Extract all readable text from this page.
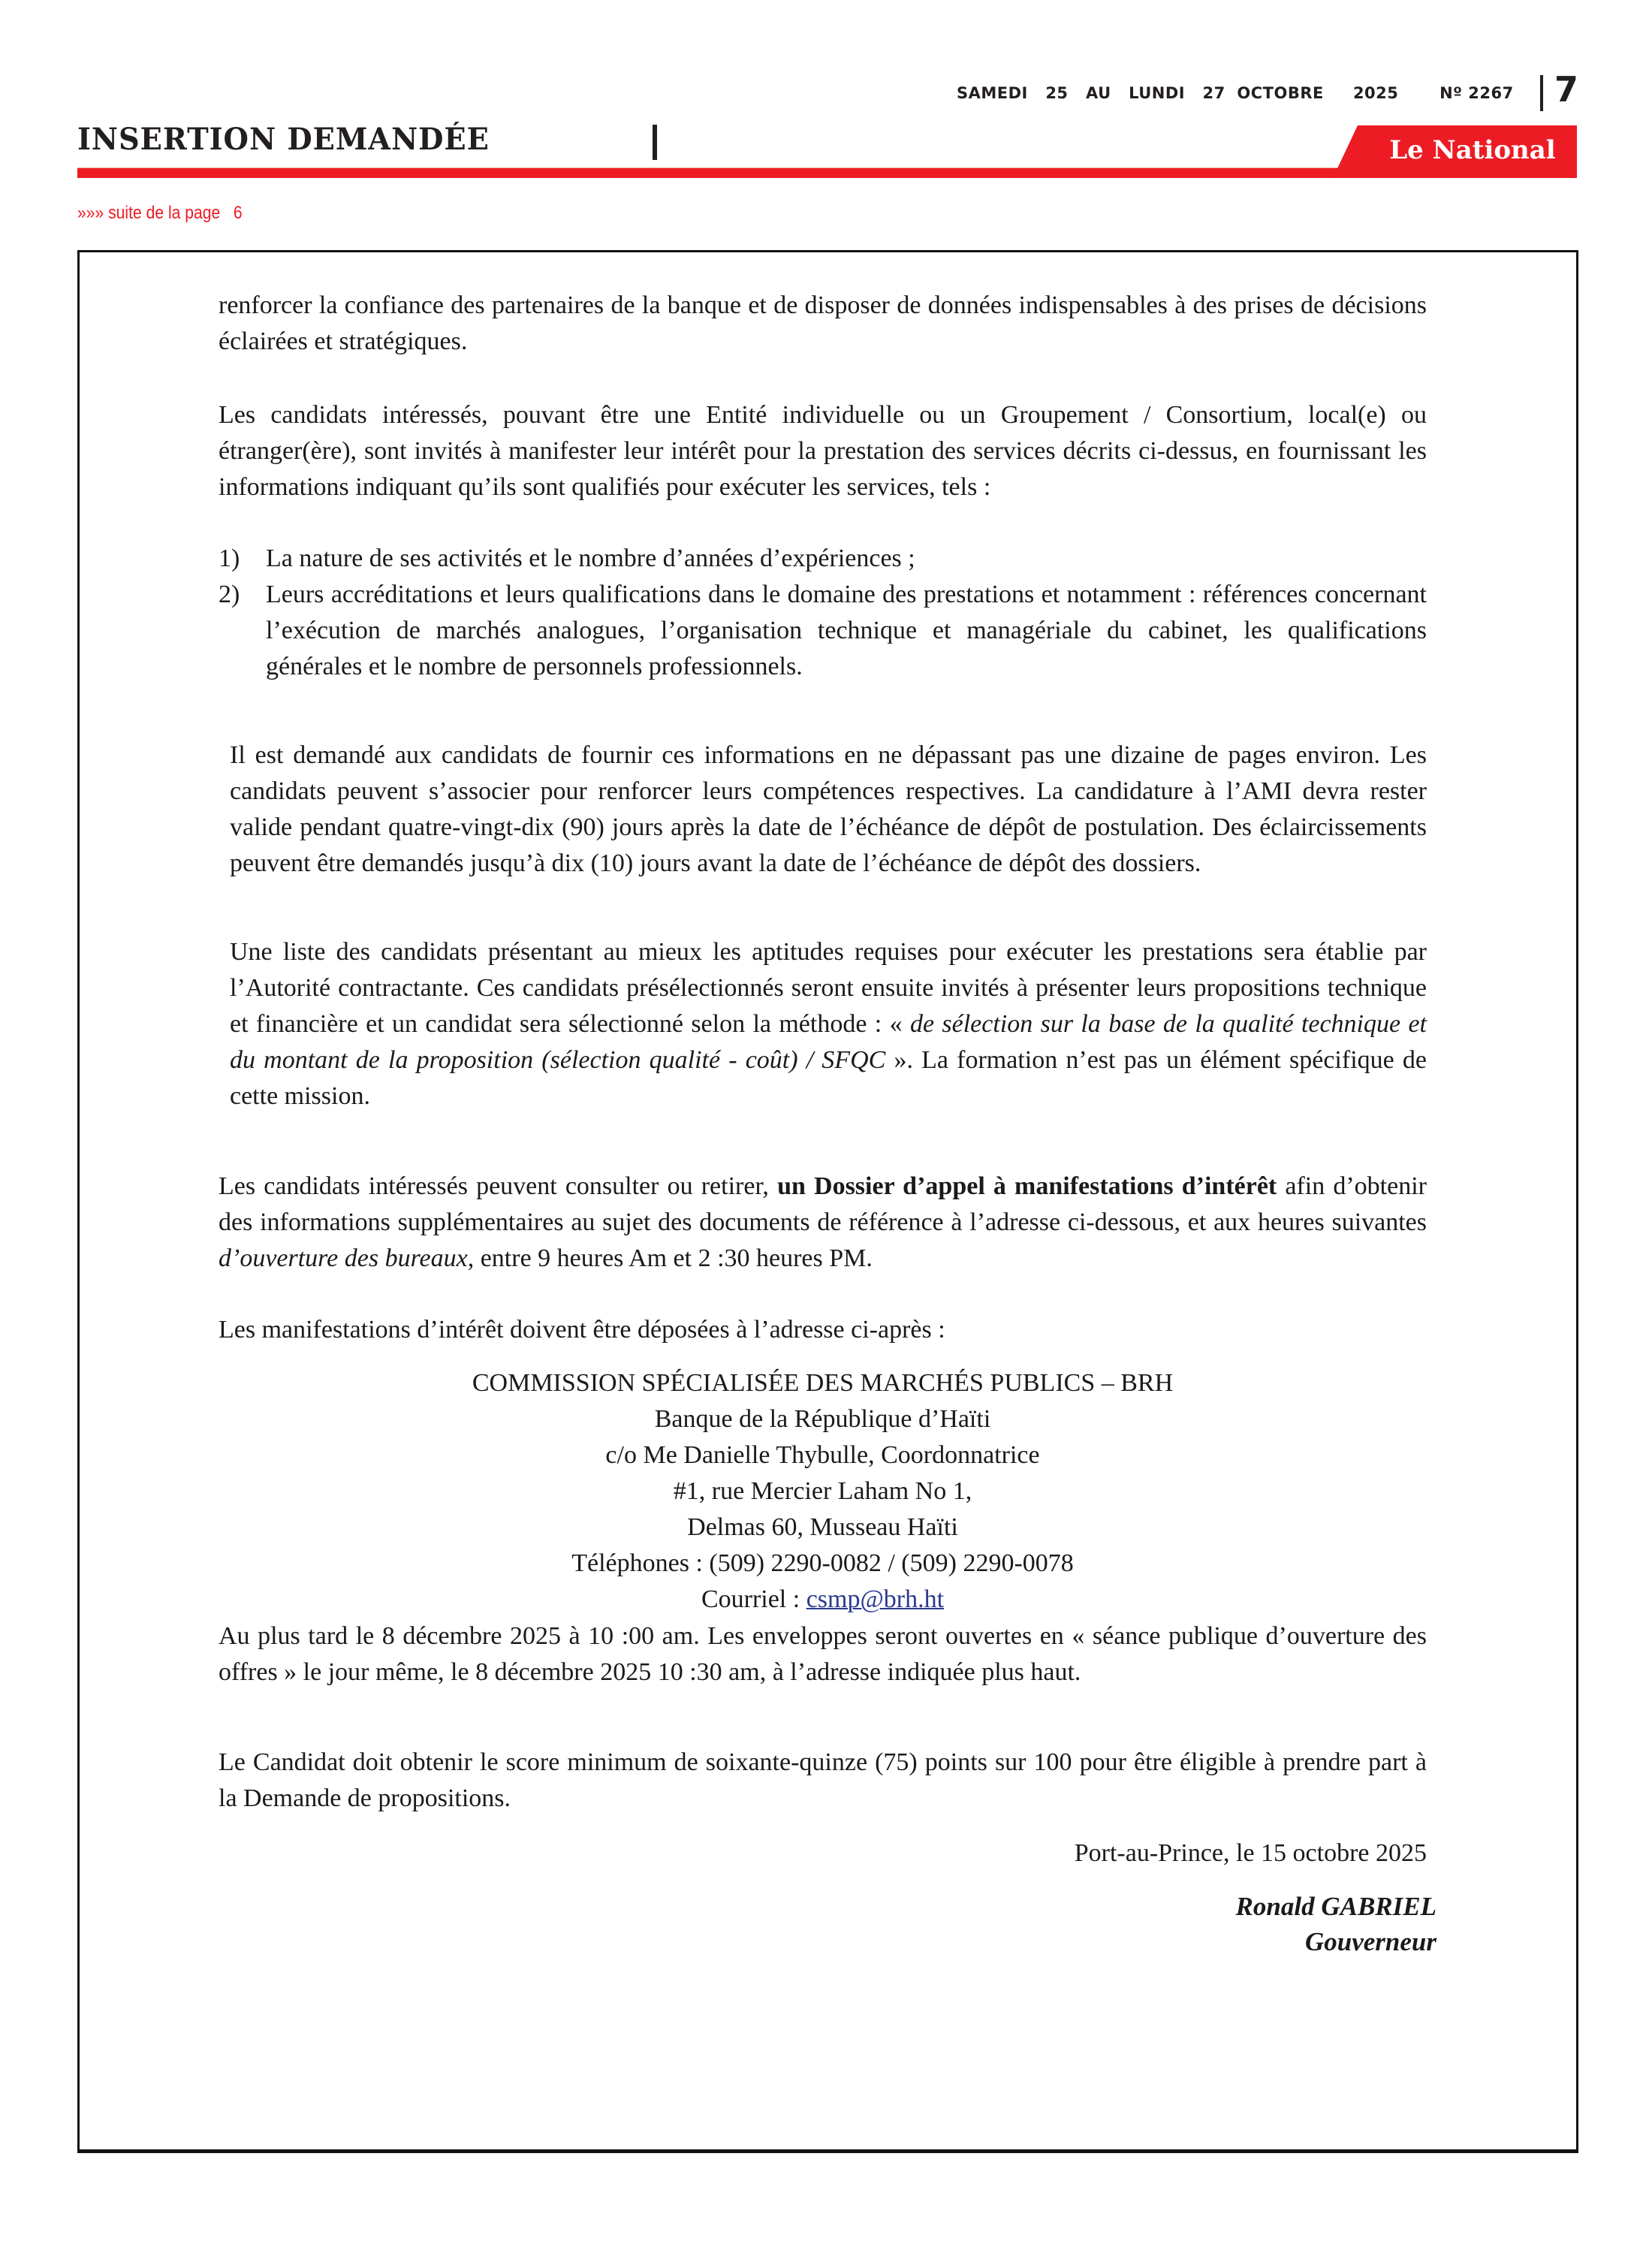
SAMEDI 25 AU LUNDI 27 OCTOBRE 2025	Nº 2267 7
INSERTION DEMANDÉE	Le National
»»» suite de la page   6
renforcer la confiance des partenaires de la banque et de disposer de données indispensables à des prises de décisions éclairées et stratégiques.
Les candidats intéressés, pouvant être une Entité individuelle ou un Groupement / Consortium, local(e) ou étranger(ère), sont invités à manifester leur intérêt pour la prestation des services décrits ci-dessus, en fournissant les informations indiquant qu’ils sont qualifiés pour exécuter les services, tels :
1) La nature de ses activités et le nombre d’années d’expériences ;
2) Leurs accréditations et leurs qualifications dans le domaine des prestations et notamment : références concernant l’exécution de marchés analogues, l’organisation technique et managériale du cabinet, les qualifications générales et le nombre de personnels professionnels.
Il est demandé aux candidats de fournir ces informations en ne dépassant pas une dizaine de pages environ. Les candidats peuvent s’associer pour renforcer leurs compétences respectives. La candidature à l’AMI devra rester valide pendant quatre-vingt-dix (90) jours après la date de l’échéance de dépôt de postulation. Des éclaircissements peuvent être demandés jusqu’à dix (10) jours avant la date de l’échéance de dépôt des dossiers.
Une liste des candidats présentant au mieux les aptitudes requises pour exécuter les prestations sera établie par l’Autorité contractante. Ces candidats présélectionnés seront ensuite invités à présenter leurs propositions technique et financière et un candidat sera sélectionné selon la méthode : « de sélection sur la base de la qualité technique et du montant de la proposition (sélection qualité - coût) / SFQC ». La formation n’est pas un élément spécifique de cette mission.
Les candidats intéressés peuvent consulter ou retirer, un Dossier d’appel à manifestations d’intérêt afin d’obtenir des informations supplémentaires au sujet des documents de référence à l’adresse ci-dessous, et aux heures suivantes d’ouverture des bureaux, entre 9 heures Am et 2 :30 heures PM.
Les manifestations d’intérêt doivent être déposées à l’adresse ci-après :
COMMISSION SPÉCIALISÉE DES MARCHÉS PUBLICS – BRH
Banque de la République d’Haïti
c/o Me Danielle Thybulle, Coordonnatrice
#1, rue Mercier Laham No 1,
Delmas 60, Musseau Haïti
Téléphones : (509) 2290-0082 / (509) 2290-0078
Courriel : csmp@brh.ht
Au plus tard le 8 décembre 2025 à 10 :00 am. Les enveloppes seront ouvertes en « séance publique d’ouverture des offres » le jour même, le 8 décembre 2025 10 :30 am, à l’adresse indiquée plus haut.
Le Candidat doit obtenir le score minimum de soixante-quinze (75) points sur 100 pour être éligible à prendre part à la Demande de propositions.
Port-au-Prince, le 15 octobre 2025
Ronald GABRIEL
Gouverneur
